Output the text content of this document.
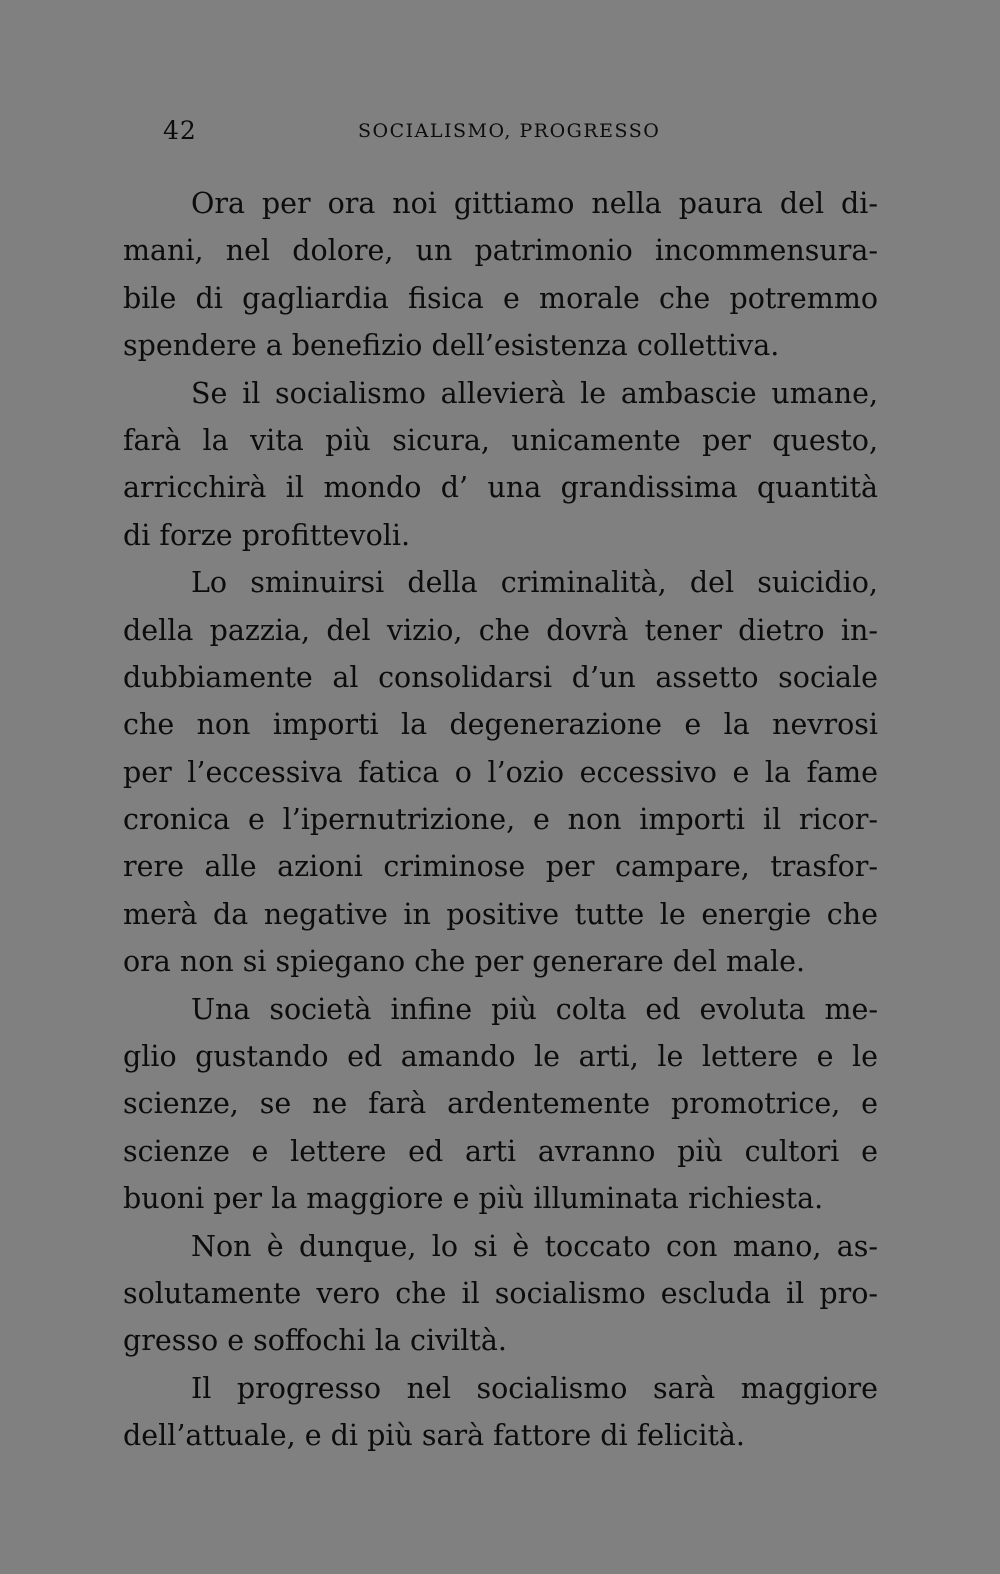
42	SOCIALISMO, PROGRESSO
Ora per ora noi gittiamo nella paura del di-
mani, nel dolore, un patrimonio incommensura-
bile di gagliardia fisica e morale che potremmo
spendere a benefizio dell’esistenza collettiva.
Se il socialismo allevierà le ambascie umane,
farà la vita più sicura, unicamente per questo,
arricchirà il mondo d’ una grandissima quantità
di forze profittevoli.
Lo sminuirsi della criminalità, del suicidio,
della pazzia, del vizio, che dovrà tener dietro in-
dubbiamente al consolidarsi d’un assetto sociale
che non importi la degenerazione e la nevrosi
per l’eccessiva fatica o l’ozio eccessivo e la fame
cronica e l’ipernutrizione, e non importi il ricor-
rere alle azioni criminose per campare, trasfor-
merà da negative in positive tutte le energie che
ora non si spiegano che per generare del male.
Una società infine più colta ed evoluta me-
glio gustando ed amando le arti, le lettere e le
scienze, se ne farà ardentemente promotrice, e
scienze e lettere ed arti avranno più cultori e
buoni per la maggiore e più illuminata richiesta.
Non è dunque, lo si è toccato con mano, as-
solutamente vero che il socialismo escluda il pro-
gresso e soffochi la civiltà.
Il progresso nel socialismo sarà maggiore
dell’attuale, e di più sarà fattore di felicità.
